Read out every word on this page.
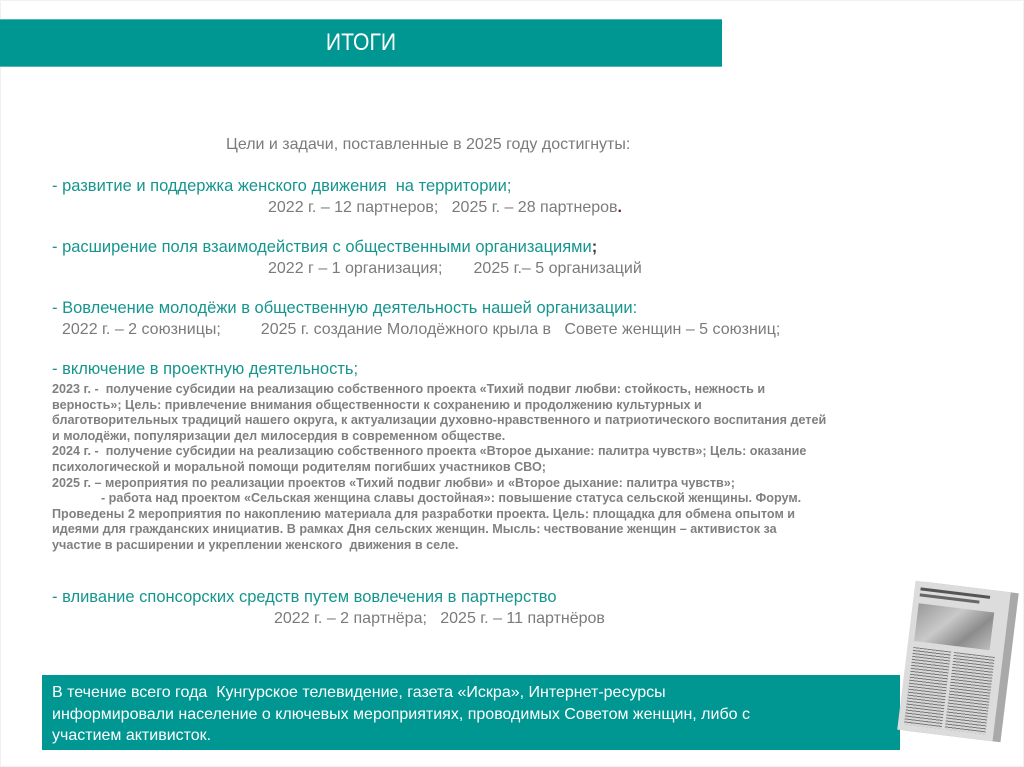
ИТОГИ
Цели и задачи, поставленные в 2025 году достигнуты:
- развитие и поддержка женского движения  на территории;
2022 г. – 12 партнеров;   2025 г. – 28 партнеров.
- расширение поля взаимодействия с общественными организациями;
2022 г – 1 организация;       2025 г.– 5 организаций
- Вовлечение молодёжи в общественную деятельность нашей организации:
2022 г. – 2 союзницы;         2025 г. создание Молодёжного крыла в   Совете женщин – 5 союзниц;
- включение в проектную деятельность;
2023 г. -  получение субсидии на реализацию собственного проекта «Тихий подвиг любви: стойкость, нежность и
верность»; Цель: привлечение внимания общественности к сохранению и продолжению культурных и
благотворительных традиций нашего округа, к актуализации духовно-нравственного и патриотического воспитания детей
и молодёжи, популяризации дел милосердия в современном обществе.
2024 г. -  получение субсидии на реализацию собственного проекта «Второе дыхание: палитра чувств»; Цель: оказание
психологической и моральной помощи родителям погибших участников СВО;
2025 г. – мероприятия по реализации проектов «Тихий подвиг любви» и «Второе дыхание: палитра чувств»;
- работа над проектом «Сельская женщина славы достойная»: повышение статуса сельской женщины. Форум.
Проведены 2 мероприятия по накоплению материала для разработки проекта. Цель: площадка для обмена опытом и
идеями для гражданских инициатив. В рамках Дня сельских женщин. Мысль: чествование женщин – активисток за
участие в расширении и укреплении женского  движения в селе.
- вливание спонсорских средств путем вовлечения в партнерство
2022 г. – 2 партнёра;   2025 г. – 11 партнёров
В течение всего года  Кунгурское телевидение, газета «Искра», Интернет-ресурсы
информировали население о ключевых мероприятиях, проводимых Советом женщин, либо с
участием активисток.
